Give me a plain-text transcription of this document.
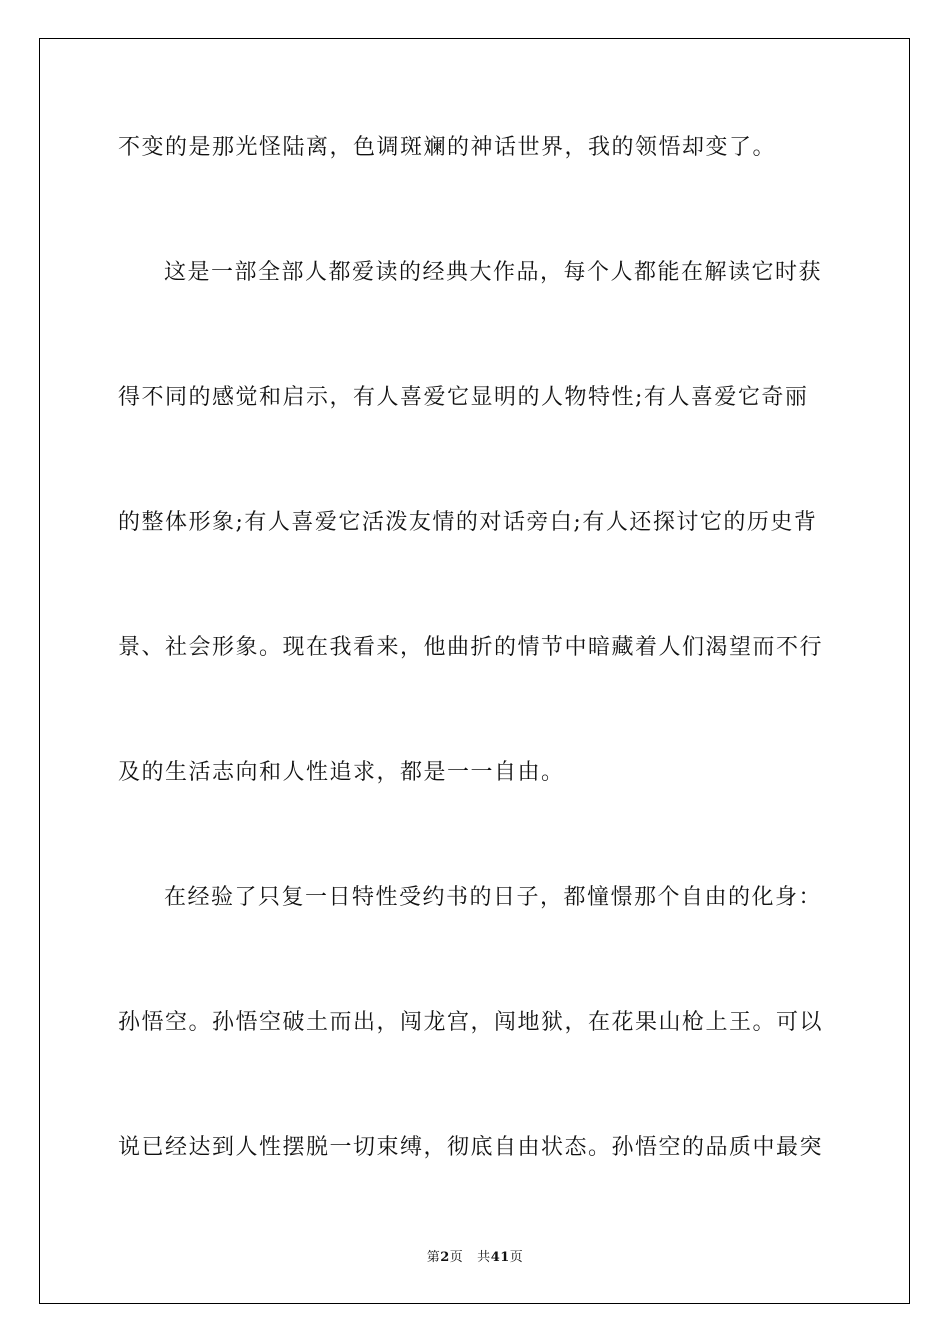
不变的是那光怪陆离，色调斑斓的神话世界，我的领悟却变了。
这是一部全部人都爱读的经典大作品，每个人都能在解读它时获
得不同的感觉和启示，有人喜爱它显明的人物特性;有人喜爱它奇丽
的整体形象;有人喜爱它活泼友情的对话旁白;有人还探讨它的历史背
景、社会形象。现在我看来，他曲折的情节中暗藏着人们渴望而不行
及的生活志向和人性追求，都是一一自由。
在经验了只复一日特性受约书的日子，都憧憬那个自由的化身：
孙悟空。孙悟空破土而出，闯龙宫，闯地狱，在花果山枪上王。可以
说已经达到人性摆脱一切束缚，彻底自由状态。孙悟空的品质中最突
第2页 共41页
